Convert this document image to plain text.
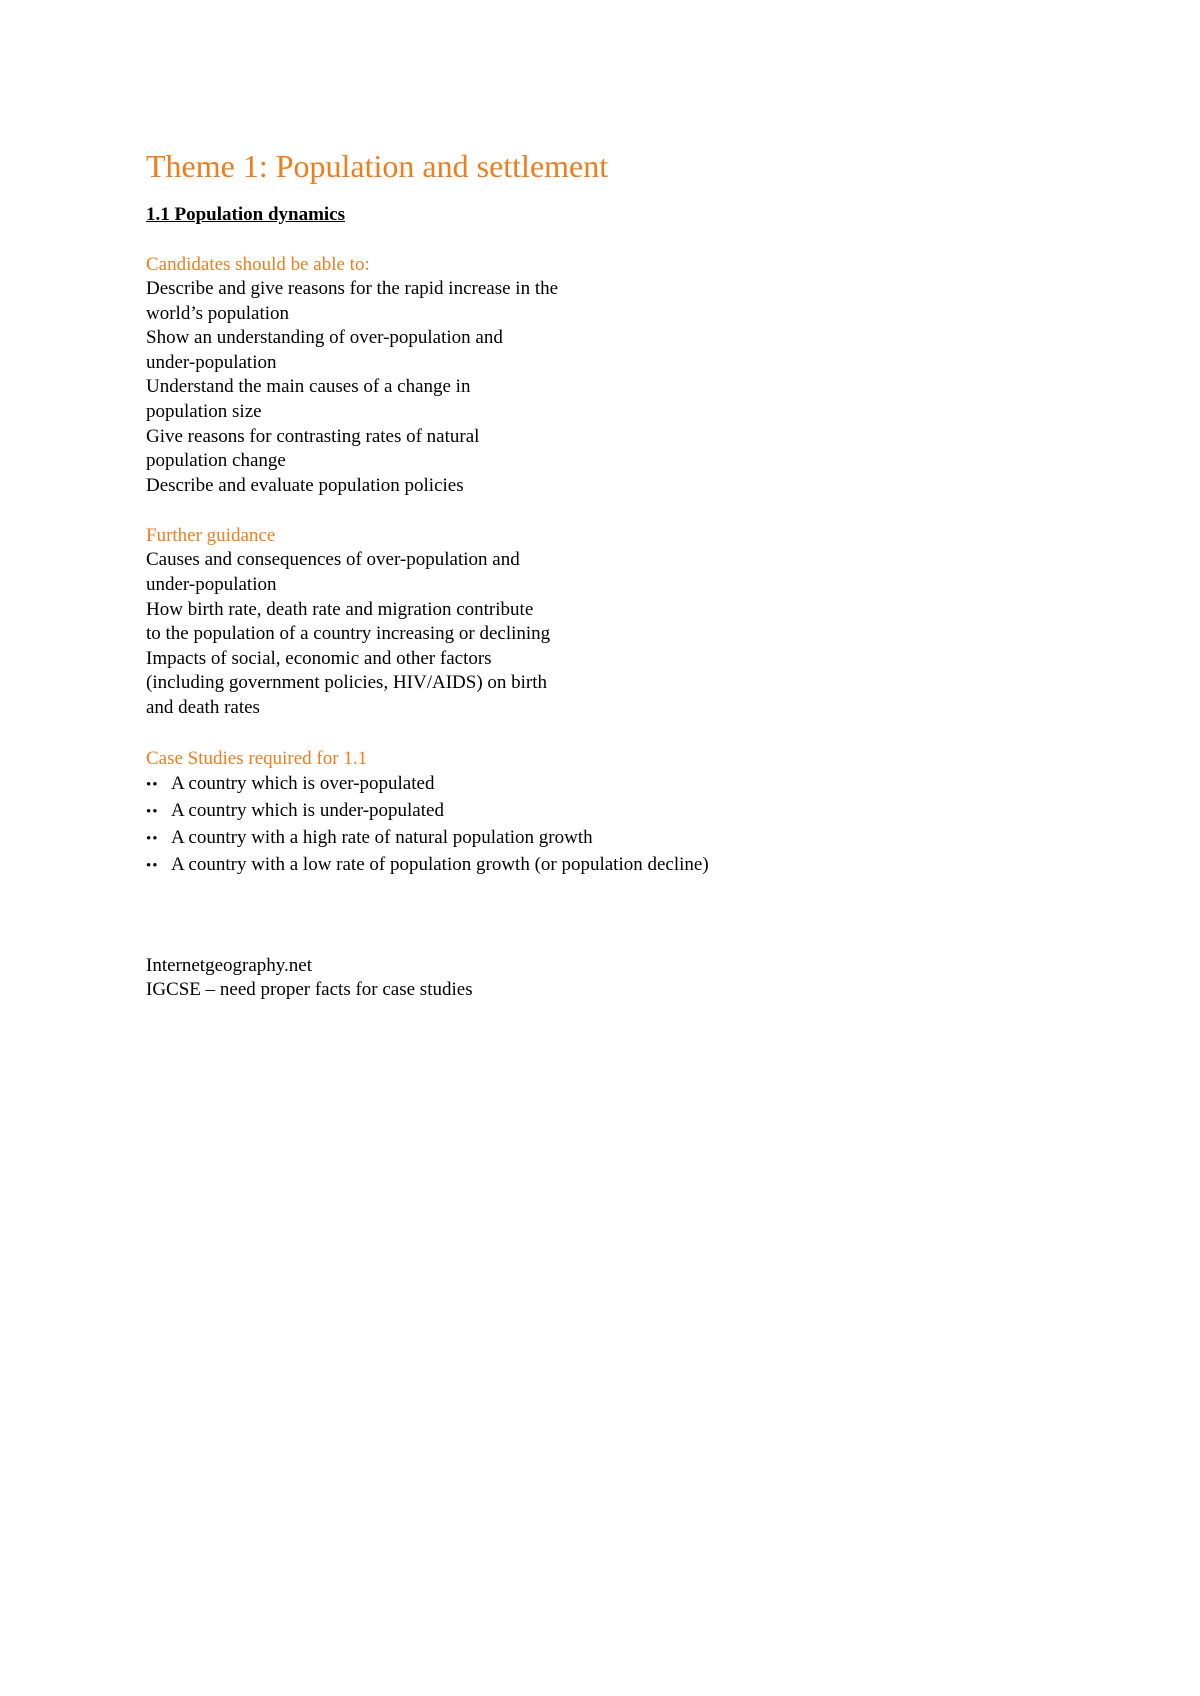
Theme 1: Population and settlement
1.1 Population dynamics
Candidates should be able to:
Describe and give reasons for the rapid increase in the
world’s population
Show an understanding of over-population and
under-population
Understand the main causes of a change in
population size
Give reasons for contrasting rates of natural
population change
Describe and evaluate population policies
Further guidance
Causes and consequences of over-population and
under-population
How birth rate, death rate and migration contribute
to the population of a country increasing or declining
Impacts of social, economic and other factors
(including government policies, HIV/AIDS) on birth
and death rates
Case Studies required for 1.1
•• A country which is over-populated
•• A country which is under-populated
•• A country with a high rate of natural population growth
•• A country with a low rate of population growth (or population decline)
Internetgeography.net
IGCSE – need proper facts for case studies
